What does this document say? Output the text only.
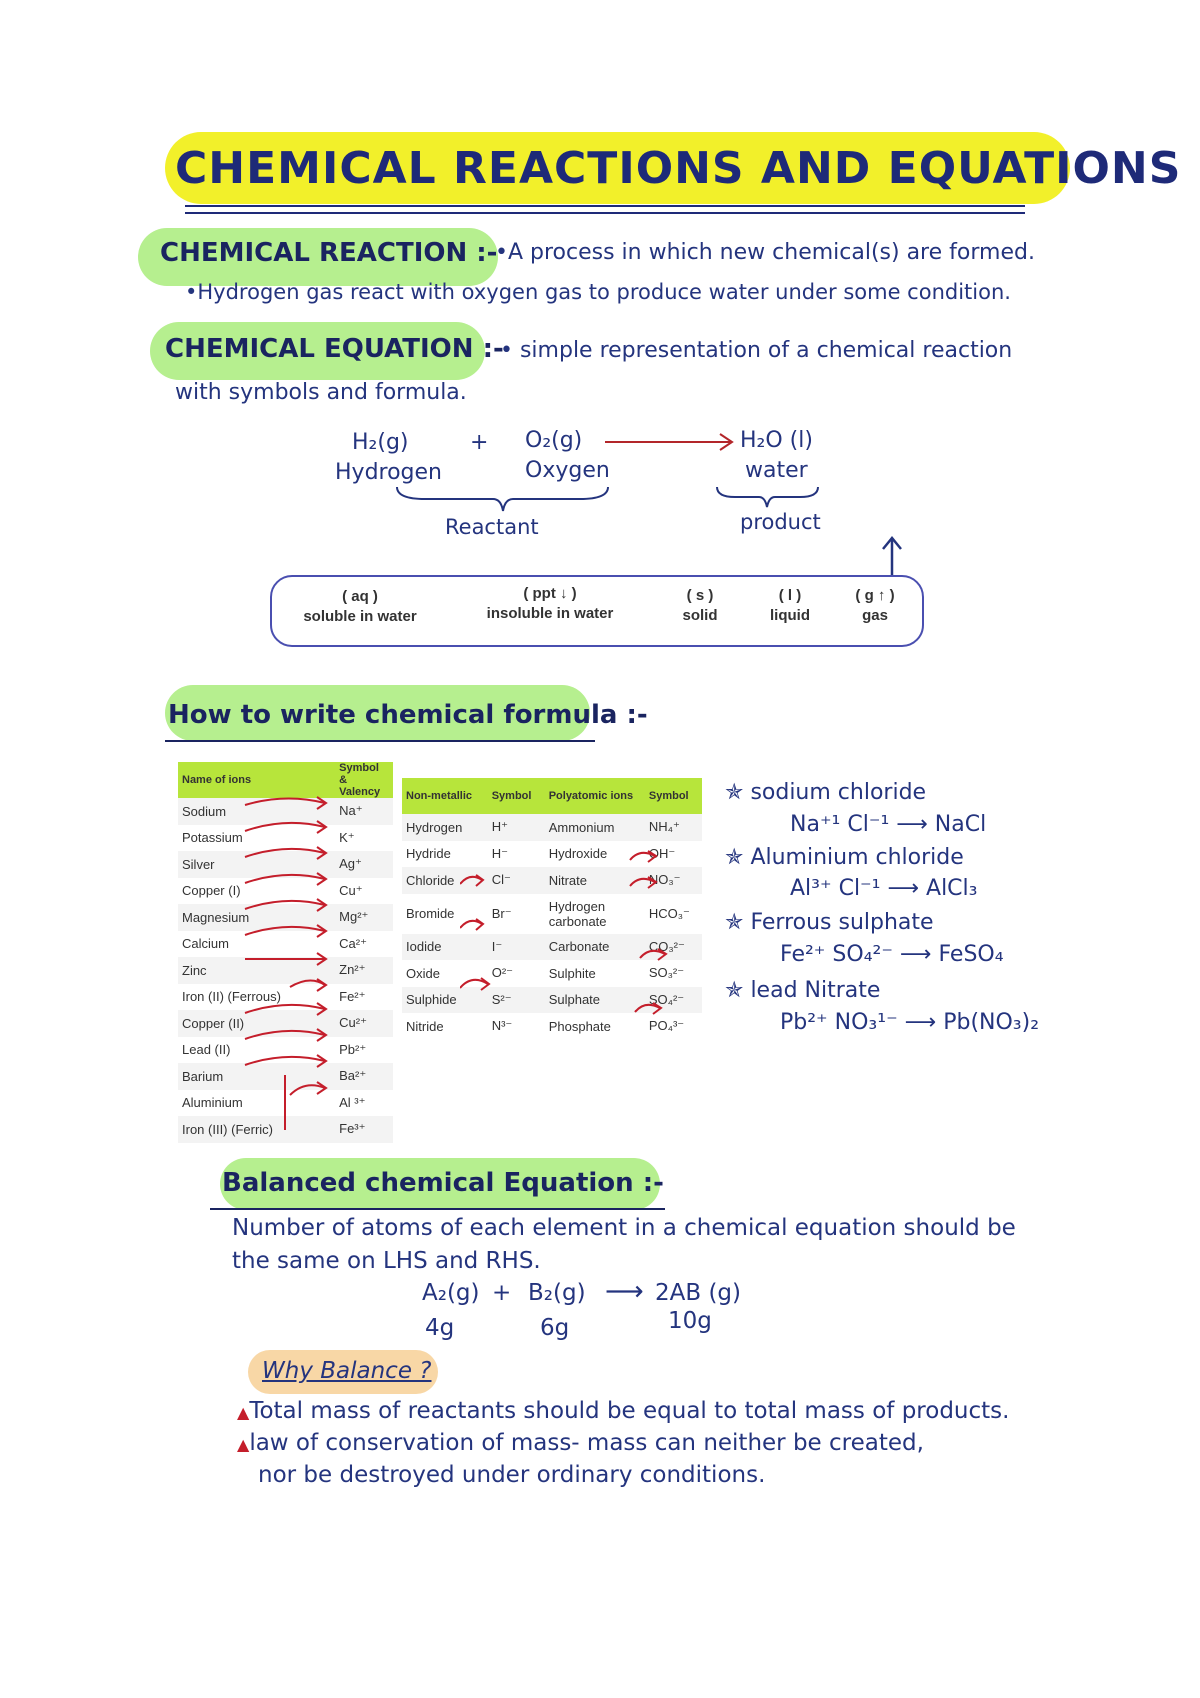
CHEMICAL REACTIONS AND EQUATIONS
CHEMICAL REACTION :-
•A process in which new chemical(s) are formed.
•Hydrogen gas react with oxygen gas to produce water under some condition.
CHEMICAL EQUATION :-
• simple representation of a chemical reaction
with symbols and formula.
H₂(g)
Hydrogen
+ O₂(g)
Oxygen
H₂O (l)
water
Reactant	product
( aq )
soluble in water
( ppt ↓ )
insoluble in water
( s )
solid
( l )
liquid
( g ↑ )
gas
How to write chemical formula :-
Name of ions	Symbol & Valency
Sodium	Na⁺
Potassium	K⁺
Silver	Ag⁺
Copper (I)	Cu⁺
Magnesium	Mg²⁺
Calcium	Ca²⁺
Zinc	Zn²⁺
Iron (II) (Ferrous)	Fe²⁺
Copper (II)	Cu²⁺
Lead (II)	Pb²⁺
Barium	Ba²⁺
Aluminium	Al ³⁺
Iron (III) (Ferric)	Fe³⁺
Non-metallic	Symbol	Polyatomic ions	Symbol
Hydrogen	H⁺	Ammonium	NH₄⁺
Hydride	H⁻	Hydroxide	OH⁻
Chloride	Cl⁻	Nitrate	NO₃⁻
Bromide	Br⁻	Hydrogen carbonate	HCO₃⁻
Iodide	I⁻	Carbonate	CO₃²⁻
Oxide	O²⁻	Sulphite	SO₃²⁻
Sulphide	S²⁻	Sulphate	SO₄²⁻
Nitride	N³⁻	Phosphate	PO₄³⁻
✯ sodium chloride
Na⁺¹ Cl⁻¹ ⟶ NaCl
✯ Aluminium chloride
Al³⁺ Cl⁻¹ ⟶ AlCl₃
✯ Ferrous sulphate
Fe²⁺ SO₄²⁻ ⟶ FeSO₄
✯ lead Nitrate
Pb²⁺ NO₃¹⁻ ⟶ Pb(NO₃)₂
Balanced chemical Equation :-
Number of atoms of each element in a chemical equation should be
the same on LHS and RHS.
A₂(g) + B₂(g) ⟶ 2AB (g)
4g	6g	10g
Why Balance ?
▲Total mass of reactants should be equal to total mass of products.
▲law of conservation of mass- mass can neither be created,
nor be destroyed under ordinary conditions.
